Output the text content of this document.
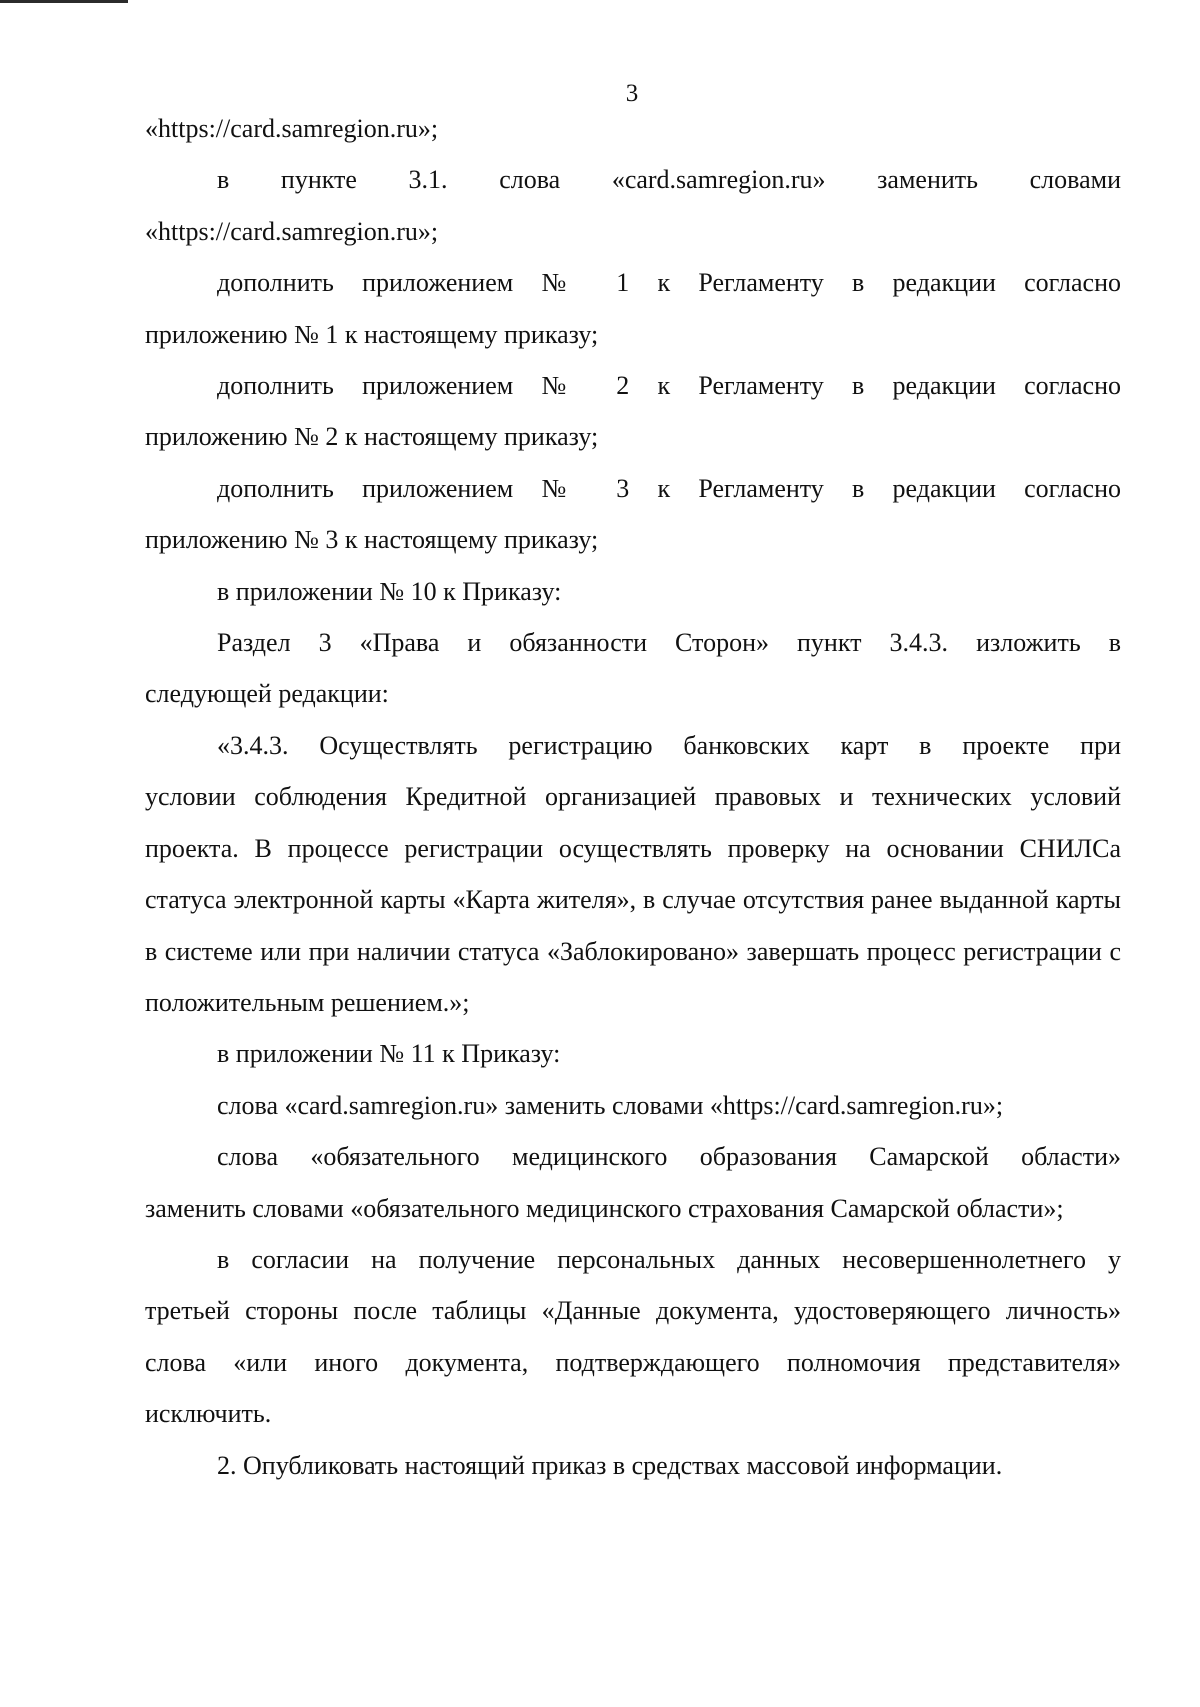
3
«https://card.samregion.ru»;
в пункте 3.1. слова «card.samregion.ru» заменить словами
«https://card.samregion.ru»;
дополнить приложением № 1 к Регламенту в редакции согласно
приложению № 1 к настоящему приказу;
дополнить приложением № 2 к Регламенту в редакции согласно
приложению № 2 к настоящему приказу;
дополнить приложением № 3 к Регламенту в редакции согласно
приложению № 3 к настоящему приказу;
в приложении № 10 к Приказу:
Раздел 3 «Права и обязанности Сторон» пункт 3.4.3. изложить в
следующей редакции:
«3.4.3. Осуществлять регистрацию банковских карт в проекте при
условии соблюдения Кредитной организацией правовых и технических условий проекта. В процессе регистрации осуществлять проверку на основании СНИЛСа статуса электронной карты «Карта жителя», в случае отсутствия ранее выданной карты в системе или при наличии статуса «Заблокировано» завершать процесс регистрации с положительным решением.»;
в приложении № 11 к Приказу:
слова «card.samregion.ru» заменить словами «https://card.samregion.ru»;
слова «обязательного медицинского образования Самарской области»
заменить словами «обязательного медицинского страхования Самарской области»;
в согласии на получение персональных данных несовершеннолетнего у
третьей стороны после таблицы «Данные документа, удостоверяющего личность» слова «или иного документа, подтверждающего полномочия представителя» исключить.
2. Опубликовать настоящий приказ в средствах массовой информации.
